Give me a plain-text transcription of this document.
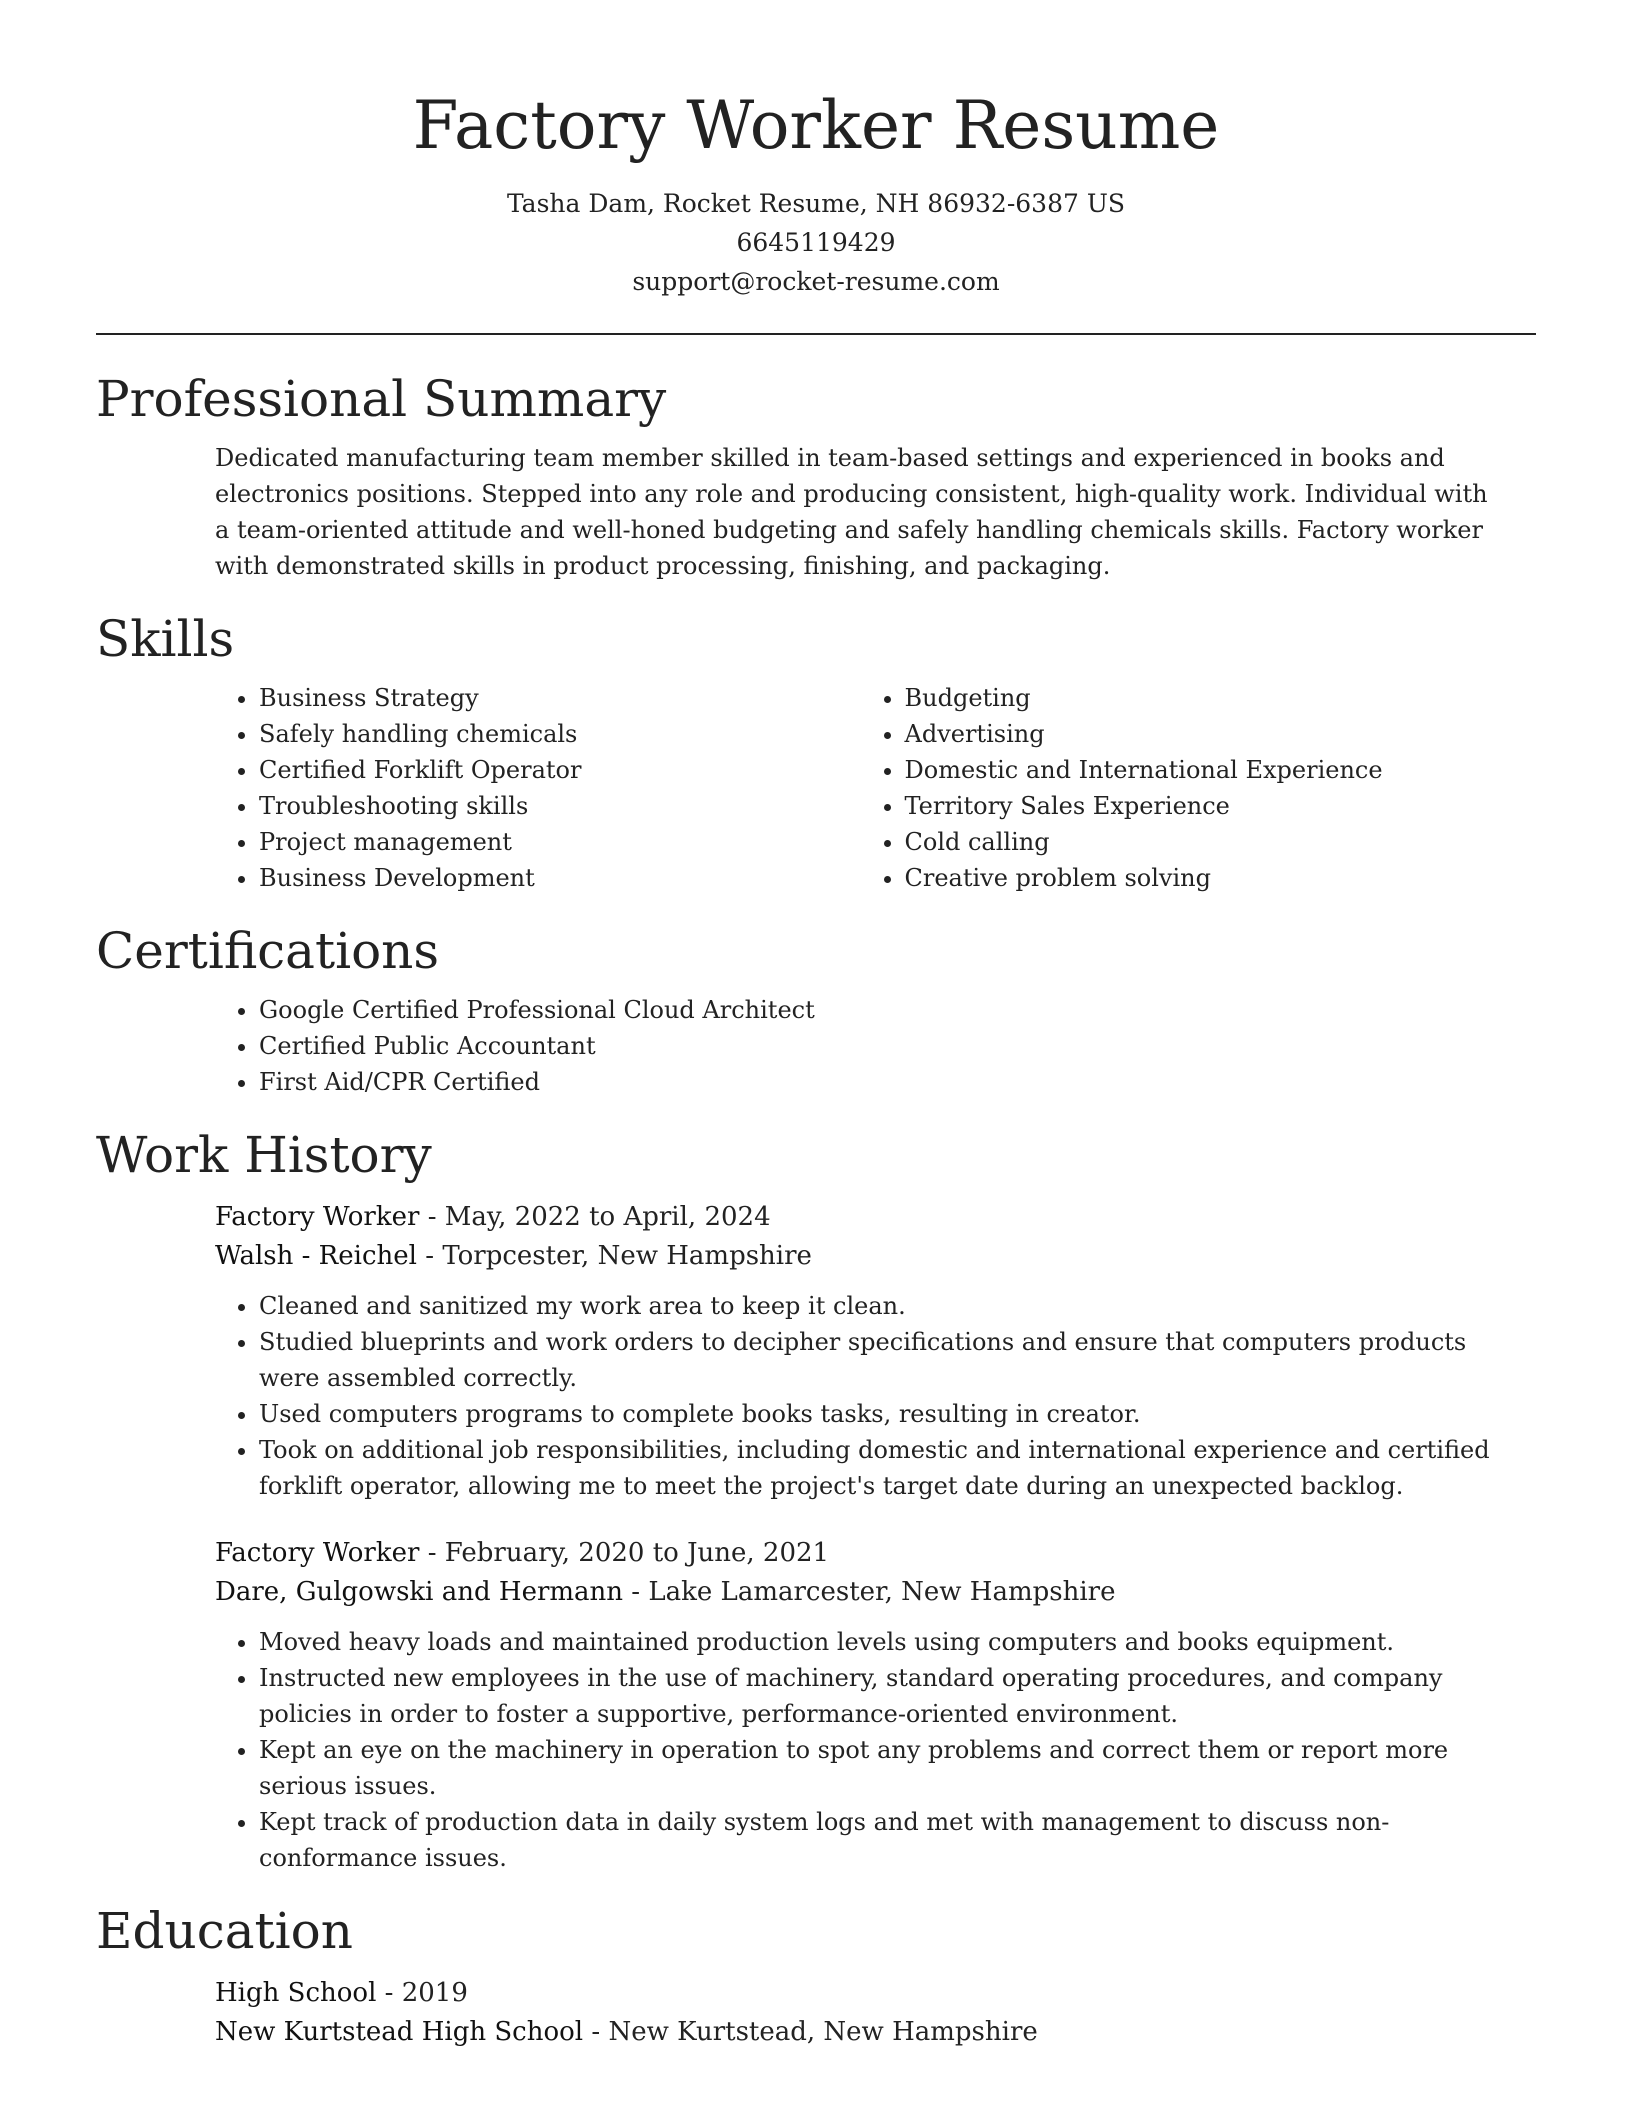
Factory Worker Resume
Tasha Dam, Rocket Resume, NH 86932-6387 US
6645119429
support@rocket-resume.com
Professional Summary

Dedicated manufacturing team member skilled in team-based settings and experienced in books and electronics positions. Stepped into any role and producing consistent, high-quality work. Individual with a team-oriented attitude and well-honed budgeting and safely handling chemicals skills. Factory worker with demonstrated skills in product processing, finishing, and packaging.

Skills
• Business Strategy
• Safely handling chemicals
• Certified Forklift Operator
• Troubleshooting skills
• Project management
• Business Development
• Budgeting
• Advertising
• Domestic and International Experience
• Territory Sales Experience
• Cold calling
• Creative problem solving
Certifications
• Google Certified Professional Cloud Architect
• Certified Public Accountant
• First Aid/CPR Certified
Work History
Factory Worker - May, 2022 to April, 2024
Walsh - Reichel - Torpcester, New Hampshire
• Cleaned and sanitized my work area to keep it clean.
• Studied blueprints and work orders to decipher specifications and ensure that computers products were assembled correctly.
• Used computers programs to complete books tasks, resulting in creator.
• Took on additional job responsibilities, including domestic and international experience and certified forklift operator, allowing me to meet the project's target date during an unexpected backlog.
Factory Worker - February, 2020 to June, 2021
Dare, Gulgowski and Hermann - Lake Lamarcester, New Hampshire
• Moved heavy loads and maintained production levels using computers and books equipment.
• Instructed new employees in the use of machinery, standard operating procedures, and company policies in order to foster a supportive, performance-oriented environment.
• Kept an eye on the machinery in operation to spot any problems and correct them or report more serious issues.
• Kept track of production data in daily system logs and met with management to discuss non-conformance issues.
Education
High School - 2019
New Kurtstead High School - New Kurtstead, New Hampshire
